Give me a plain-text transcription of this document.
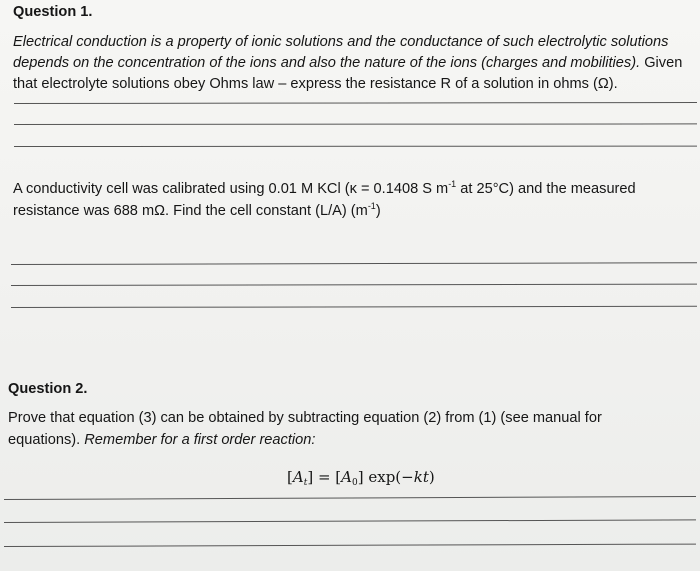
Question 1.
Electrical conduction is a property of ionic solutions and the conductance of such electrolytic solutions
depends on the concentration of the ions and also the nature of the ions (charges and mobilities). Given
that electrolyte solutions obey Ohms law – express the resistance R of a solution in ohms (Ω).
A conductivity cell was calibrated using 0.01 M KCl (κ = 0.1408 S $m^{-1}$ at 25°C) and the measured
resistance was 688 mΩ. Find the cell constant (L/A) $(m^{-1})$
Question 2.
Prove that equation (3) can be obtained by subtracting equation (2) from (1) (see manual for
equations). Remember for a first order reaction:
$[A_t] = [A_0]$ exp(−kt)
